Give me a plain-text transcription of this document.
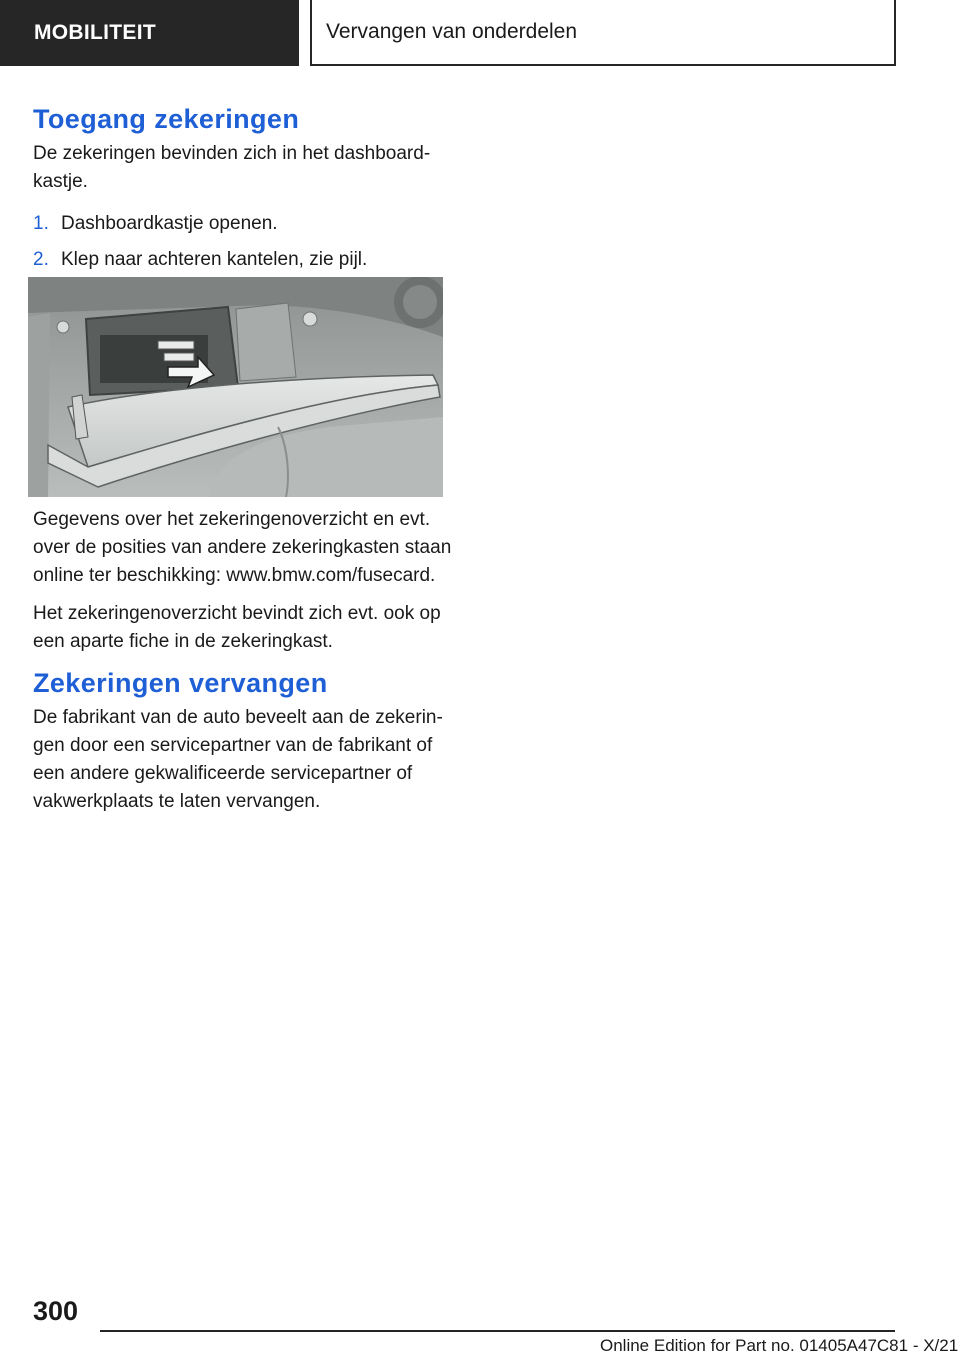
MOBILITEIT	Vervangen van onderdelen
Toegang zekeringen

De zekeringen bevinden zich in het dashboard-kastje.

1. Dashboardkastje openen.
2. Klep naar achteren kantelen, zie pijl.

Gegevens over het zekeringenoverzicht en evt. over de posities van andere zekeringkasten staan online ter beschikking: www.bmw.com/fusecard.

Het zekeringenoverzicht bevindt zich evt. ook op een aparte fiche in de zekeringkast.

Zekeringen vervangen

De fabrikant van de auto beveelt aan de zekerin-gen door een servicepartner van de fabrikant of een andere gekwalificeerde servicepartner of vakwerkplaats te laten vervangen.

300
Online Edition for Part no. 01405A47C81 - X/21
